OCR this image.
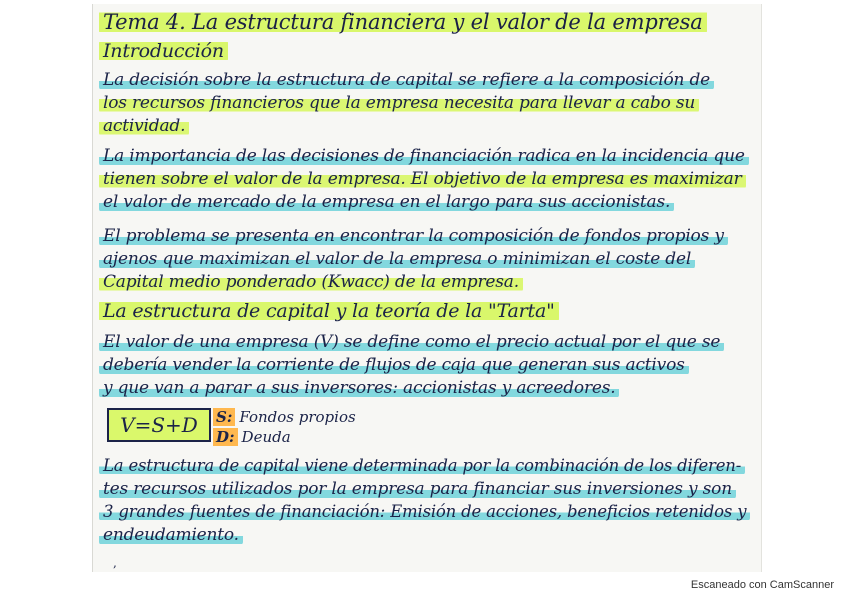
Tema 4. La estructura financiera y el valor de la empresa
Introducción
La decisión sobre la estructura de capital se refiere a la composición de
los recursos financieros que la empresa necesita para llevar a cabo su
actividad.
La importancia de las decisiones de financiación radica en la incidencia que
tienen sobre el valor de la empresa. El objetivo de la empresa es maximizar
el valor de mercado de la empresa en el largo para sus accionistas.
El problema se presenta en encontrar la composición de fondos propios y
ajenos que maximizan el valor de la empresa o minimizan el coste del
Capital medio ponderado (Kwacc) de la empresa.
La estructura de capital y la teoría de la "Tarta"
El valor de una empresa (V) se define como el precio actual por el que se
debería vender la corriente de flujos de caja que generan sus activos
y que van a parar a sus inversores: accionistas y acreedores.
V=S+D	S: Fondos propios
D: Deuda
La estructura de capital viene determinada por la combinación de los diferen-
tes recursos utilizados por la empresa para financiar sus inversiones y son
3 grandes fuentes de financiación: Emisión de acciones, beneficios retenidos y
endeudamiento.
,
Escaneado con CamScanner
